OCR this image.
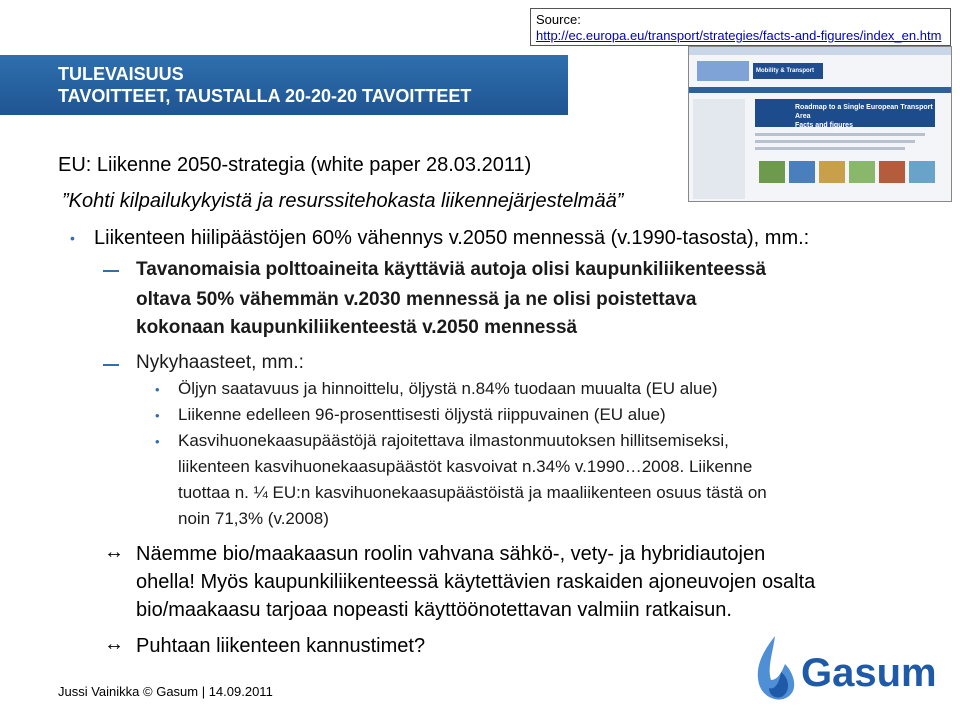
Source:
http://ec.europa.eu/transport/strategies/facts-and-figures/index_en.htm
TULEVAISUUS
TAVOITTEET, TAUSTALLA 20-20-20 TAVOITTEET
Mobility & Transport
Roadmap to a Single European Transport Area
Facts and figures
EU: Liikenne 2050-strategia (white paper 28.03.2011)
”Kohti kilpailukykyistä ja resurssitehokasta liikennejärjestelmää”
• Liikenteen hiilipäästöjen 60% vähennys v.2050 mennessä (v.1990-tasosta), mm.:
Tavanomaisia polttoaineita käyttäviä autoja olisi kaupunkiliikenteessä
oltava 50% vähemmän v.2030 mennessä ja ne olisi poistettava
kokonaan kaupunkiliikenteestä v.2050 mennessä
Nykyhaasteet, mm.:
• Öljyn saatavuus ja hinnoittelu, öljystä n.84% tuodaan muualta (EU alue)
• Liikenne edelleen 96-prosenttisesti öljystä riippuvainen (EU alue)
• Kasvihuonekaasupäästöjä rajoitettava ilmastonmuutoksen hillitsemiseksi,
liikenteen kasvihuonekaasupäästöt kasvoivat n.34% v.1990…2008. Liikenne
tuottaa n. ¼ EU:n kasvihuonekaasupäästöistä ja maaliikenteen osuus tästä on
noin 71,3% (v.2008)
↔ Näemme bio/maakaasun roolin vahvana sähkö-, vety- ja hybridiautojen
ohella! Myös kaupunkiliikenteessä käytettävien raskaiden ajoneuvojen osalta
bio/maakaasu tarjoaa nopeasti käyttöönotettavan valmiin ratkaisun.
↔ Puhtaan liikenteen kannustimet?
Jussi Vainikka © Gasum | 14.09.2011	Gasum
